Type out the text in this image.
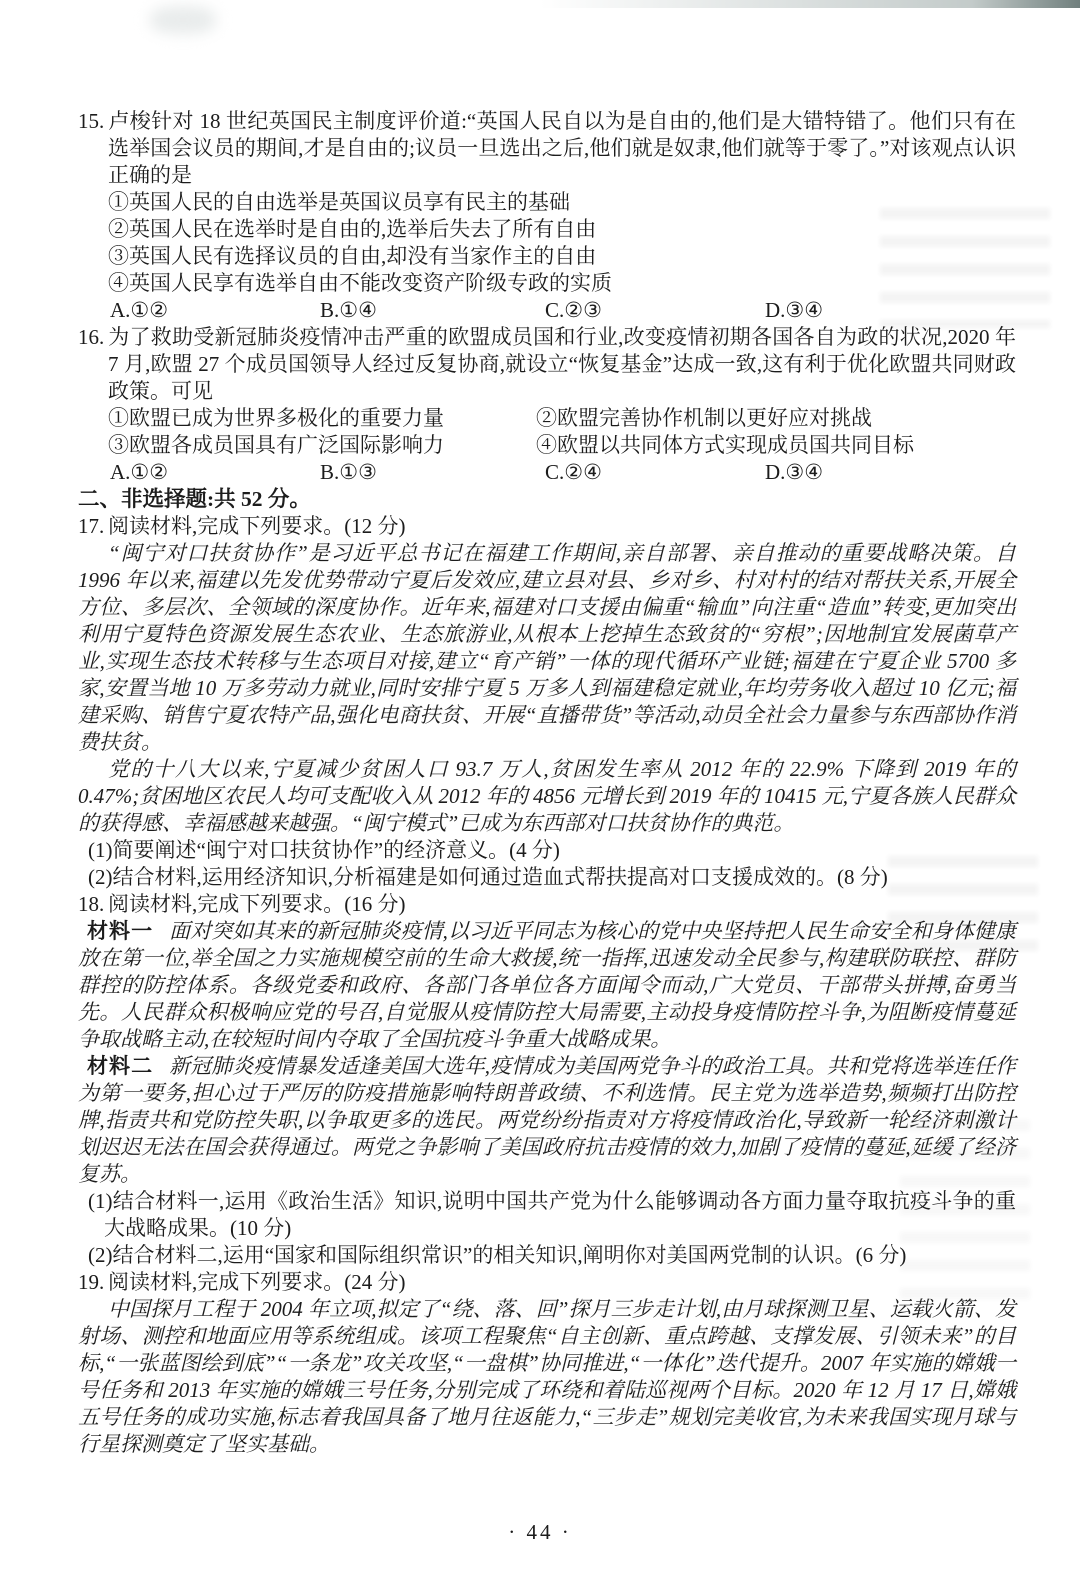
15. 卢梭针对 18 世纪英国民主制度评价道:“英国人民自以为是自由的,他们是大错特错了。他们只有在选举国会议员的期间,才是自由的;议员一旦选出之后,他们就是奴隶,他们就等于零了。”对该观点认识正确的是

①英国人民的自由选举是英国议员享有民主的基础

②英国人民在选举时是自由的,选举后失去了所有自由

③英国人民有选择议员的自由,却没有当家作主的自由

④英国人民享有选举自由不能改变资产阶级专政的实质

A.①②	B.①④	C.②③	D.③④

16. 为了救助受新冠肺炎疫情冲击严重的欧盟成员国和行业,改变疫情初期各国各自为政的状况,2020 年 7 月,欧盟 27 个成员国领导人经过反复协商,就设立“恢复基金”达成一致,这有利于优化欧盟共同财政政策。可见

①欧盟已成为世界多极化的重要力量	②欧盟完善协作机制以更好应对挑战
③欧盟各成员国具有广泛国际影响力	④欧盟以共同体方式实现成员国共同目标
A.①②	B.①③	C.②④	D.③④

二、非选择题:共 52 分。

17. 阅读材料,完成下列要求。(12 分)

“闽宁对口扶贫协作”是习近平总书记在福建工作期间,亲自部署、亲自推动的重要战略决策。自 1996 年以来,福建以先发优势带动宁夏后发效应,建立县对县、乡对乡、村对村的结对帮扶关系,开展全方位、多层次、全领域的深度协作。近年来,福建对口支援由偏重“输血”向注重“造血”转变,更加突出利用宁夏特色资源发展生态农业、生态旅游业,从根本上挖掉生态致贫的“穷根”;因地制宜发展菌草产业,实现生态技术转移与生态项目对接,建立“育产销”一体的现代循环产业链;福建在宁夏企业 5700 多家,安置当地 10 万多劳动力就业,同时安排宁夏 5 万多人到福建稳定就业,年均劳务收入超过 10 亿元;福建采购、销售宁夏农特产品,强化电商扶贫、开展“直播带货”等活动,动员全社会力量参与东西部协作消费扶贫。

党的十八大以来,宁夏减少贫困人口 93.7 万人,贫困发生率从 2012 年的 22.9% 下降到 2019 年的 0.47%;贫困地区农民人均可支配收入从 2012 年的 4856 元增长到 2019 年的 10415 元,宁夏各族人民群众的获得感、幸福感越来越强。“闽宁模式”已成为东西部对口扶贫协作的典范。

(1)简要阐述“闽宁对口扶贫协作”的经济意义。(4 分)

(2)结合材料,运用经济知识,分析福建是如何通过造血式帮扶提高对口支援成效的。(8 分)

18. 阅读材料,完成下列要求。(16 分)

材料一 面对突如其来的新冠肺炎疫情,以习近平同志为核心的党中央坚持把人民生命安全和身体健康放在第一位,举全国之力实施规模空前的生命大救援,统一指挥,迅速发动全民参与,构建联防联控、群防群控的防控体系。各级党委和政府、各部门各单位各方面闻令而动,广大党员、干部带头拼搏,奋勇当先。人民群众积极响应党的号召,自觉服从疫情防控大局需要,主动投身疫情防控斗争,为阻断疫情蔓延争取战略主动,在较短时间内夺取了全国抗疫斗争重大战略成果。

材料二 新冠肺炎疫情暴发适逢美国大选年,疫情成为美国两党争斗的政治工具。共和党将选举连任作为第一要务,担心过于严厉的防疫措施影响特朗普政绩、不利选情。民主党为选举造势,频频打出防控牌,指责共和党防控失职,以争取更多的选民。两党纷纷指责对方将疫情政治化,导致新一轮经济刺激计划迟迟无法在国会获得通过。两党之争影响了美国政府抗击疫情的效力,加剧了疫情的蔓延,延缓了经济复苏。

(1)结合材料一,运用《政治生活》知识,说明中国共产党为什么能够调动各方面力量夺取抗疫斗争的重大战略成果。(10 分)

(2)结合材料二,运用“国家和国际组织常识”的相关知识,阐明你对美国两党制的认识。(6 分)

19. 阅读材料,完成下列要求。(24 分)

中国探月工程于 2004 年立项,拟定了“绕、落、回”探月三步走计划,由月球探测卫星、运载火箭、发射场、测控和地面应用等系统组成。该项工程聚焦“自主创新、重点跨越、支撑发展、引领未来”的目标,“一张蓝图绘到底”“一条龙”攻关攻坚,“一盘棋”协同推进,“一体化”迭代提升。2007 年实施的嫦娥一号任务和 2013 年实施的嫦娥三号任务,分别完成了环绕和着陆巡视两个目标。2020 年 12 月 17 日,嫦娥五号任务的成功实施,标志着我国具备了地月往返能力,“三步走”规划完美收官,为未来我国实现月球与行星探测奠定了坚实基础。

· 44 ·
